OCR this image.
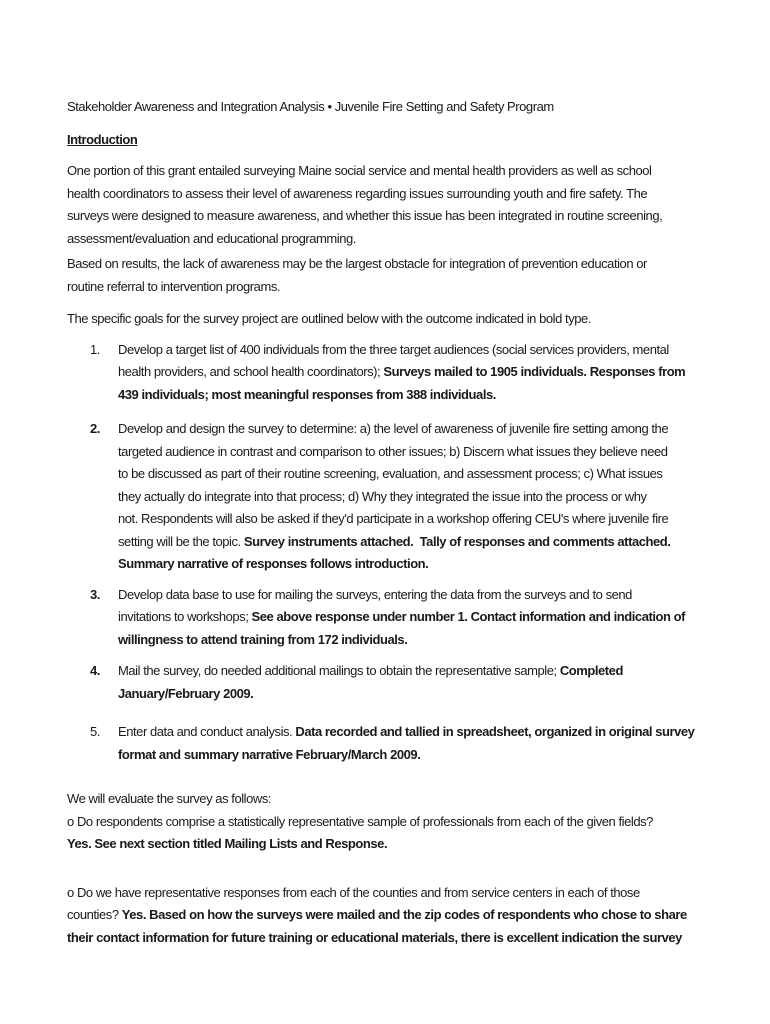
Stakeholder Awareness and Integration Analysis • Juvenile Fire Setting and Safety Program
Introduction
One portion of this grant entailed surveying Maine social service and mental health providers as well as school
health coordinators to assess their level of awareness regarding issues surrounding youth and fire safety. The
surveys were designed to measure awareness, and whether this issue has been integrated in routine screening,
assessment/evaluation and educational programming.
Based on results, the lack of awareness may be the largest obstacle for integration of prevention education or
routine referral to intervention programs.
The specific goals for the survey project are outlined below with the outcome indicated in bold type.
1. Develop a target list of 400 individuals from the three target audiences (social services providers, mental
health providers, and school health coordinators); Surveys mailed to 1905 individuals. Responses from
439 individuals; most meaningful responses from 388 individuals.
2. Develop and design the survey to determine: a) the level of awareness of juvenile fire setting among the
targeted audience in contrast and comparison to other issues; b) Discern what issues they believe need
to be discussed as part of their routine screening, evaluation, and assessment process; c) What issues
they actually do integrate into that process; d) Why they integrated the issue into the process or why
not. Respondents will also be asked if they'd participate in a workshop offering CEU's where juvenile fire
setting will be the topic. Survey instruments attached.  Tally of responses and comments attached.
Summary narrative of responses follows introduction.
3. Develop data base to use for mailing the surveys, entering the data from the surveys and to send
invitations to workshops; See above response under number 1. Contact information and indication of
willingness to attend training from 172 individuals.
4. Mail the survey, do needed additional mailings to obtain the representative sample; Completed
January/February 2009.
5. Enter data and conduct analysis. Data recorded and tallied in spreadsheet, organized in original survey
format and summary narrative February/March 2009.
We will evaluate the survey as follows:
o Do respondents comprise a statistically representative sample of professionals from each of the given fields?
Yes. See next section titled Mailing Lists and Response.
o Do we have representative responses from each of the counties and from service centers in each of those
counties? Yes. Based on how the surveys were mailed and the zip codes of respondents who chose to share
their contact information for future training or educational materials, there is excellent indication the survey
